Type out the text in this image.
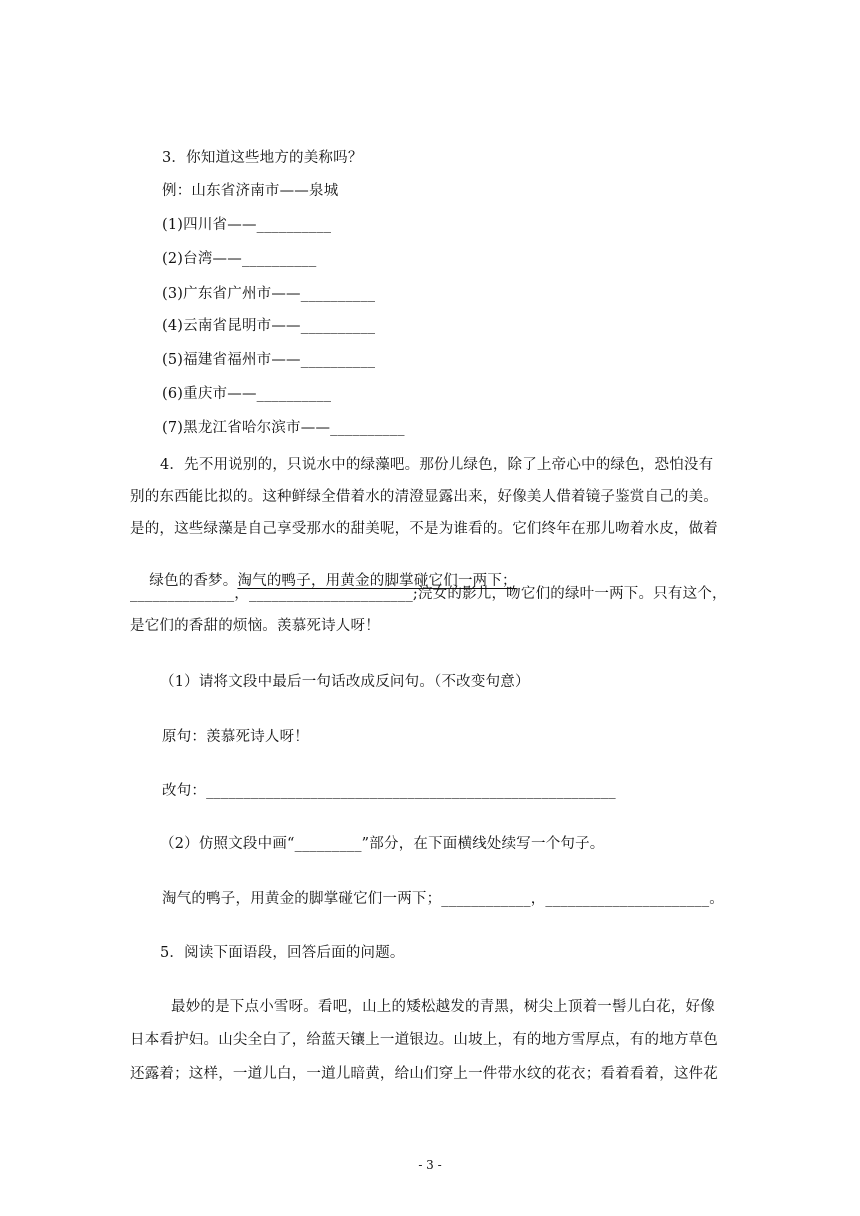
3．你知道这些地方的美称吗？
例：山东省济南市——泉城
(1)四川省——__________
(2)台湾——__________
(3)广东省广州市——__________
(4)云南省昆明市——__________
(5)福建省福州市——__________
(6)重庆市——__________
(7)黑龙江省哈尔滨市——__________
4．先不用说别的，只说水中的绿藻吧。那份儿绿色，除了上帝心中的绿色，恐怕没有
别的东西能比拟的。这种鲜绿全借着水的清澄显露出来，好像美人借着镜子鉴赏自己的美。
是的，这些绿藻是自己享受那水的甜美呢，不是为谁看的。它们终年在那儿吻着水皮，做着

绿色的香梦。淘气的鸭子，用黄金的脚掌碰它们一两下；

______________，______________________;浣女的影儿，吻它们的绿叶一两下。只有这个，
是它们的香甜的烦恼。羡慕死诗人呀！
（1）请将文段中最后一句话改成反问句。（不改变句意）
原句：羡慕死诗人呀！
改句：_______________________________________________________
（2）仿照文段中画“_________”部分，在下面横线处续写一个句子。
淘气的鸭子，用黄金的脚掌碰它们一两下；____________，______________________。
5．阅读下面语段，回答后面的问题。
最妙的是下点小雪呀。看吧，山上的矮松越发的青黑，树尖上顶着一髻儿白花，好像
日本看护妇。山尖全白了，给蓝天镶上一道银边。山坡上，有的地方雪厚点，有的地方草色
还露着；这样，一道儿白，一道儿暗黄，给山们穿上一件带水纹的花衣；看着看着，这件花
- 3 -
